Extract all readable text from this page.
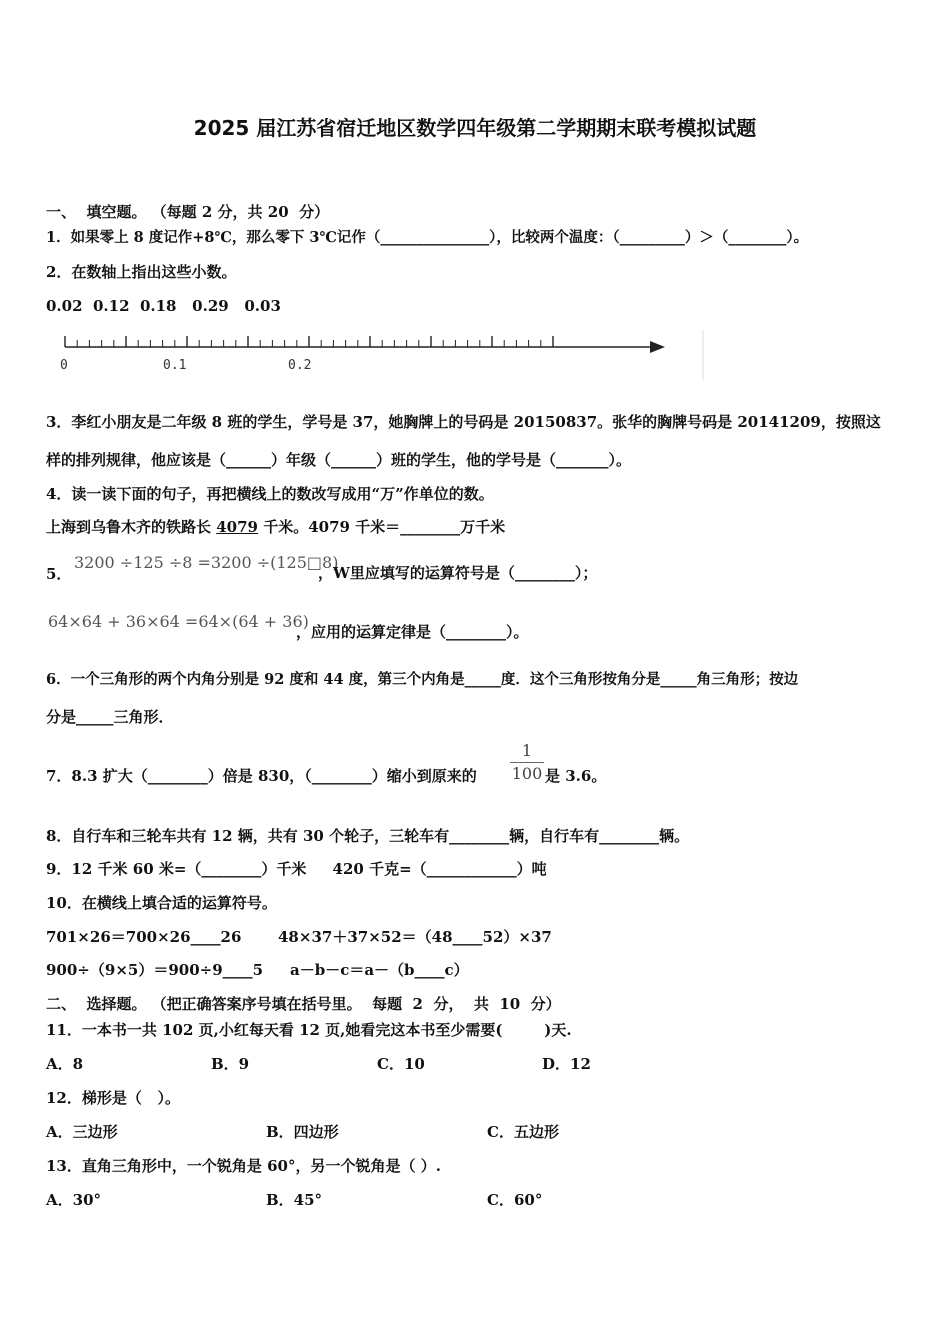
2025 届江苏省宿迁地区数学四年级第二学期期末联考模拟试题
一、  填空题。 （每题 2 分，共 20  分）
1．如果零上 8 度记作+8℃，那么零下 3℃记作（_______________），比较两个温度：（_________）＞（________）。
2．在数轴上指出这些小数。
0.02  0.12  0.18   0.29   0.03
0	0.1	0.2
3．李红小朋友是二年级 8 班的学生，学号是 37，她胸牌上的号码是 20150837。张华的胸牌号码是 20141209，按照这
样的排列规律，他应该是（______）年级（______）班的学生，他的学号是（_______）。
4．读一读下面的句子，再把横线上的数改写成用“万”作单位的数。
上海到乌鲁木齐的铁路长 4079 千米。4079 千米＝________万千米
5．
3200 ÷125 ÷8 =3200 ÷(125□8)
，W里应填写的运算符号是（________）；
64×64 + 36×64 =64×(64 + 36)
，应用的运算定律是（________）。
6．一个三角形的两个内角分别是 92 度和 44 度，第三个内角是_____度．这个三角形按角分是_____角三角形；按边
分是_____三角形．
7．8.3 扩大（________）倍是 830，（________）缩小到原来的 $\frac{1}{100}$ 是 3.6。
8．自行车和三轮车共有 12 辆，共有 30 个轮子，三轮车有________辆，自行车有________辆。
9．12 千米 60 米=（________）千米     420 千克=（____________）吨
10．在横线上填合适的运算符号。
701×26＝700×26____26 48×37＋37×52＝（48____52）×37
900÷（9×5）＝900÷9____5 a－b－c＝a－（b____c）
二、  选择题。 （把正确答案序号填在括号里。  每题  2  分，  共  10  分）
11．一本书一共 102 页,小红每天看 12 页,她看完这本书至少需要(        )天.
A．8	B．9	C．10	D．12
12．梯形是（   ）。
A．三边形	B．四边形	C．五边形
13．直角三角形中，一个锐角是 60°，另一个锐角是（ ）.
A．30°	B．45°	C．60°
